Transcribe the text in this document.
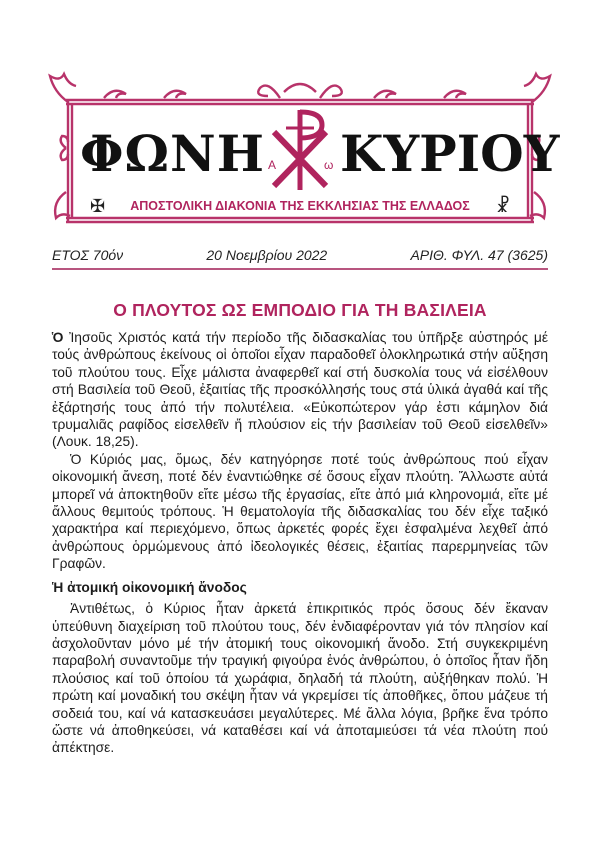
ΦΩΝΗ ΚΥΡΙΟΥ
Α	ω
✠	☧
ΑΠΟΣΤΟΛΙΚΗ ΔΙΑΚΟΝΙΑ ΤΗΣ ΕΚΚΛΗΣΙΑΣ ΤΗΣ ΕΛΛΑΔΟΣ
ΕΤΟΣ 70όν	20 Νοεμβρίου 2022	ΑΡΙΘ. ΦΥΛ. 47 (3625)
Ο ΠΛΟΥΤΟΣ ΩΣ ΕΜΠΟΔΙΟ ΓΙΑ ΤΗ ΒΑΣΙΛΕΙΑ

Ὁ Ἰησοῦς Χριστός κατά τήν περίοδο τῆς διδασκαλίας του ὑπῆρξε αὐστηρός μέ τούς ἀνθρώπους ἐκείνους οἱ ὁποῖοι εἶχαν παραδοθεῖ ὁλοκληρωτικά στήν αὔξηση τοῦ πλούτου τους. Εἶχε μάλιστα ἀναφερθεῖ καί στή δυσκολία τους νά εἰσέλθουν στή Βασιλεία τοῦ Θεοῦ, ἐξαιτίας τῆς προσκόλλησής τους στά ὑλικά ἀγαθά καί τῆς ἐξάρτησής τους ἀπό τήν πολυτέλεια. «Εὐκοπώτερον γάρ ἐστι κάμηλον διά τρυμαλιᾶς ραφίδος εἰσελθεῖν ἤ πλούσιον εἰς τήν βασιλείαν τοῦ Θεοῦ εἰσελθεῖν» (Λουκ. 18,25).

Ὁ Κύριός μας, ὅμως, δέν κατηγόρησε ποτέ τούς ἀνθρώπους πού εἶχαν οἰκονομική ἄνεση, ποτέ δέν ἐναντιώθηκε σέ ὅσους εἶχαν πλούτη. Ἄλλωστε αὐτά μπορεῖ νά ἀποκτηθοῦν εἴτε μέσω τῆς ἐργασίας, εἴτε ἀπό μιά κληρονομιά, εἴτε μέ ἄλλους θεμιτούς τρόπους. Ἡ θεματολογία τῆς διδασκαλίας του δέν εἶχε ταξικό χαρακτήρα καί περιεχόμενο, ὅπως ἀρκετές φορές ἔχει ἐσφαλμένα λεχθεῖ ἀπό ἀνθρώπους ὁρμώμενους ἀπό ἰδεολογικές θέσεις, ἐξαιτίας παρερμηνείας τῶν Γραφῶν.

Ἡ ἀτομική οἰκονομική ἄνοδος

Ἀντιθέτως, ὁ Κύριος ἦταν ἀρκετά ἐπικριτικός πρός ὅσους δέν ἔκαναν ὑπεύθυνη διαχείριση τοῦ πλούτου τους, δέν ἐνδιαφέρονταν γιά τόν πλησίον καί ἀσχολοῦνταν μόνο μέ τήν ἀτομική τους οἰκονομική ἄνοδο. Στή συγκεκριμένη παραβολή συναντοῦμε τήν τραγική φιγούρα ἑνός ἀνθρώπου, ὁ ὁποῖος ἦταν ἤδη πλούσιος καί τοῦ ὁποίου τά χωράφια, δηλαδή τά πλούτη, αὐξήθηκαν πολύ. Ἡ πρώτη καί μοναδική του σκέψη ἦταν νά γκρεμίσει τίς ἀποθῆκες, ὅπου μάζευε τή σοδειά του, καί νά κατασκευάσει μεγαλύτερες. Μέ ἄλλα λόγια, βρῆκε ἕνα τρόπο ὥστε νά ἀποθηκεύσει, νά καταθέσει καί νά ἀποταμιεύσει τά νέα πλούτη πού ἀπέκτησε.
